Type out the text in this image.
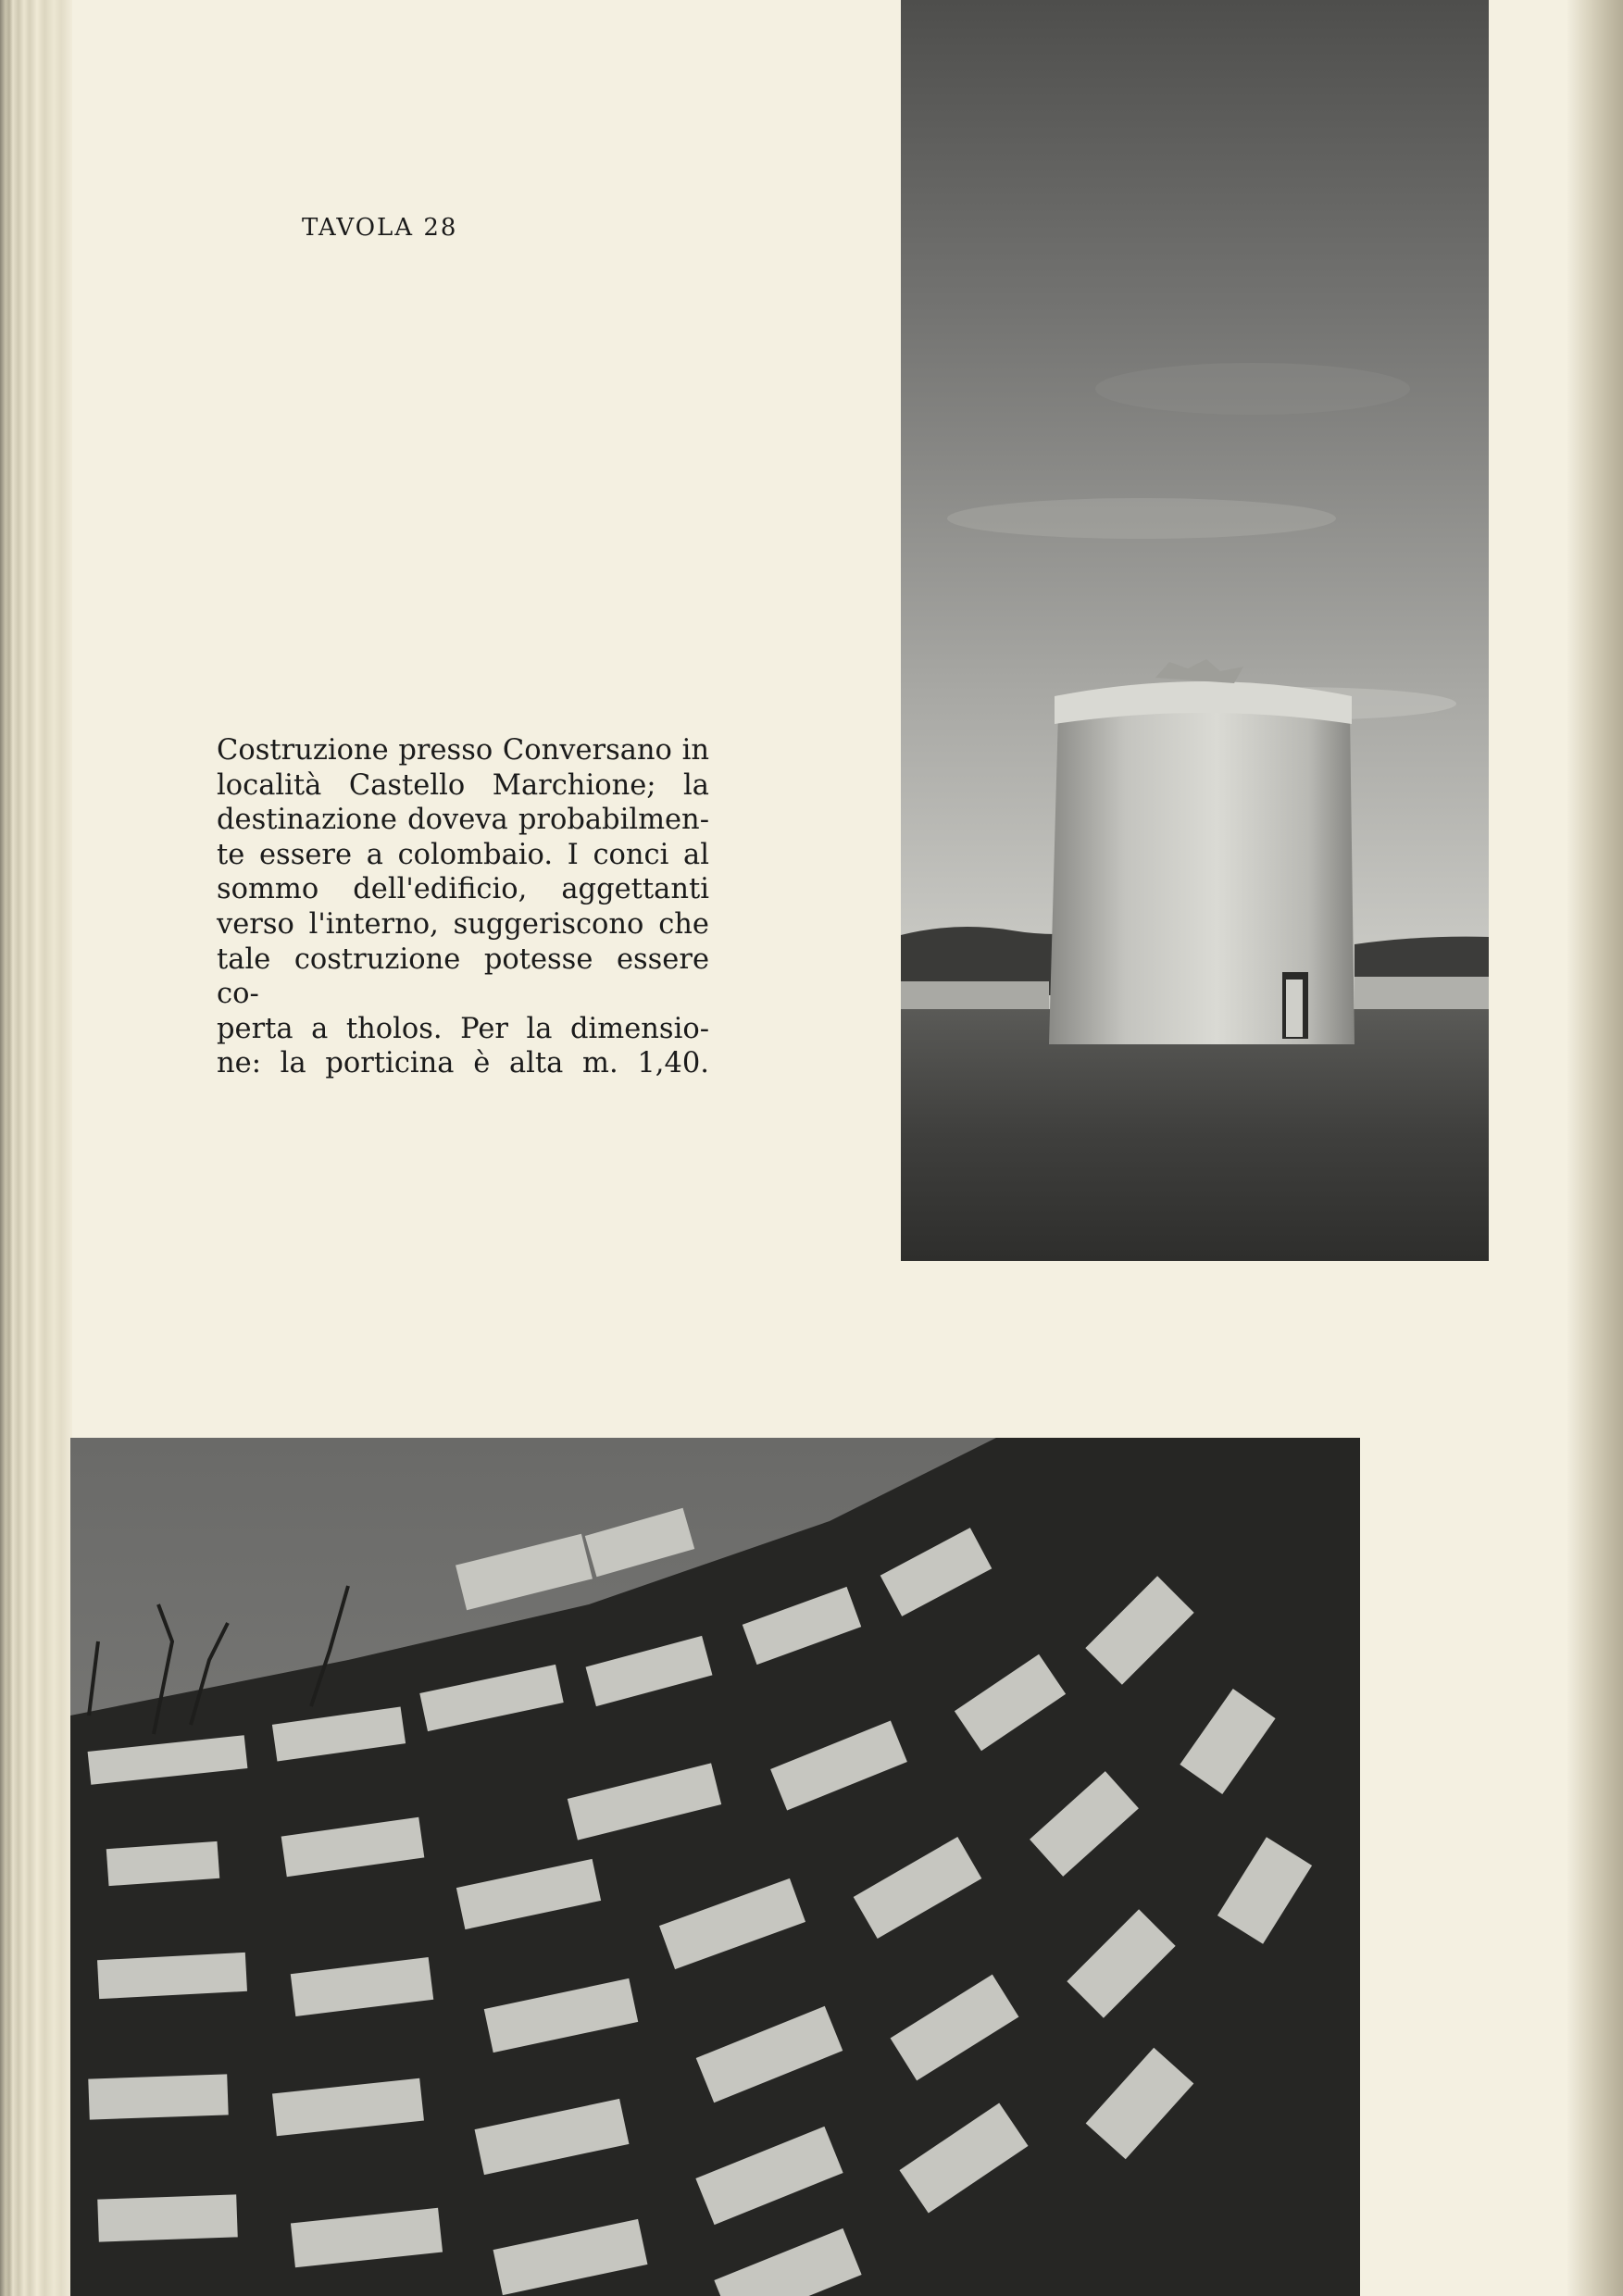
TAVOLA 28
Costruzione presso Conversano in
località Castello Marchione; la
destinazione doveva probabilmen-
te essere a colombaio. I conci al
sommo dell'edificio, aggettanti
verso l'interno, suggeriscono che
tale costruzione potesse essere co-
perta a tholos. Per la dimensio-
ne: la porticina è alta m. 1,40.
